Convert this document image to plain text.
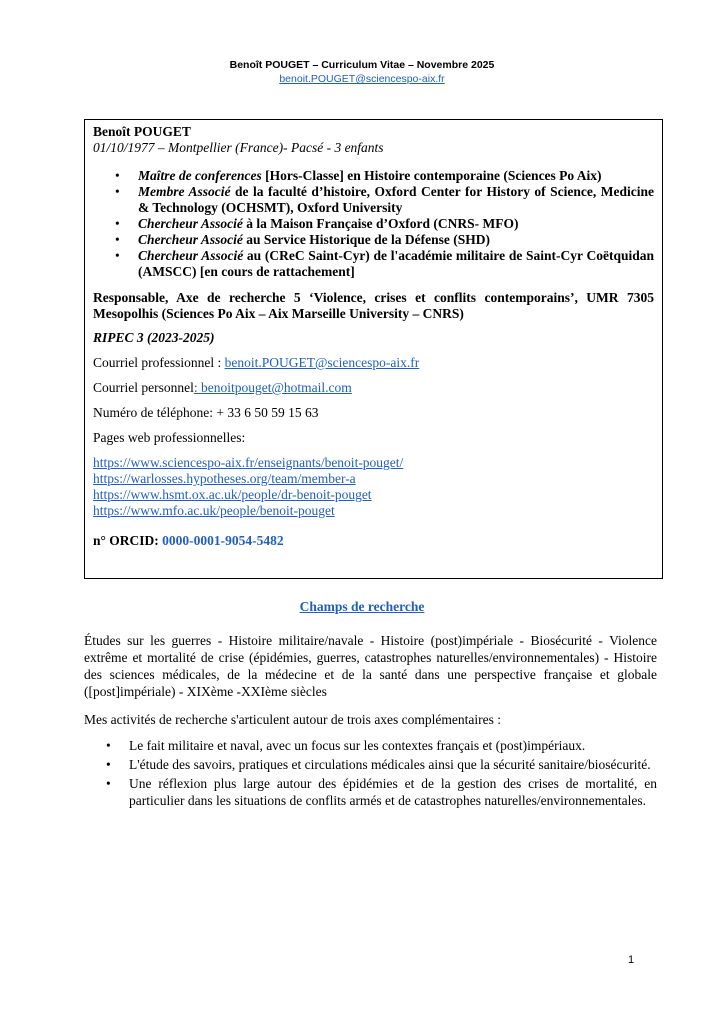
Benoît POUGET – Curriculum Vitae – Novembre 2025
benoit.POUGET@sciencespo-aix.fr
Benoît POUGET
01/10/1977 – Montpellier (France)- Pacsé - 3 enfants
• Maître de conferences [Hors-Classe] en Histoire contemporaine (Sciences Po Aix)
• Membre Associé de la faculté d’histoire, Oxford Center for History of Science, Medicine & Technology (OCHSMT), Oxford University
• Chercheur Associé à la Maison Française d’Oxford (CNRS- MFO)
• Chercheur Associé au Service Historique de la Défense (SHD)
• Chercheur Associé au (CReC Saint-Cyr) de l'académie militaire de Saint-Cyr Coëtquidan (AMSCC) [en cours de rattachement]
Responsable, Axe de recherche 5 ‘Violence, crises et conflits contemporains’, UMR 7305 Mesopolhis (Sciences Po Aix – Aix Marseille University – CNRS)
RIPEC 3 (2023-2025)
Courriel professionnel : benoit.POUGET@sciencespo-aix.fr
Courriel personnel: benoitpouget@hotmail.com
Numéro de téléphone: + 33 6 50 59 15 63
Pages web professionnelles:
https://www.sciencespo-aix.fr/enseignants/benoit-pouget/
https://warlosses.hypotheses.org/team/member-a
https://www.hsmt.ox.ac.uk/people/dr-benoit-pouget
https://www.mfo.ac.uk/people/benoit-pouget
n° ORCID: 0000-0001-9054-5482
Champs de recherche

Études sur les guerres - Histoire militaire/navale - Histoire (post)impériale - Biosécurité - Violence extrême et mortalité de crise (épidémies, guerres, catastrophes naturelles/environnementales) - Histoire des sciences médicales, de la médecine et de la santé dans une perspective française et globale ([post]impériale) - XIXème -XXIème siècles

Mes activités de recherche s'articulent autour de trois axes complémentaires :

• Le fait militaire et naval, avec un focus sur les contextes français et (post)impériaux.
• L'étude des savoirs, pratiques et circulations médicales ainsi que la sécurité sanitaire/biosécurité.
• Une réflexion plus large autour des épidémies et de la gestion des crises de mortalité, en particulier dans les situations de conflits armés et de catastrophes naturelles/environnementales.
1
